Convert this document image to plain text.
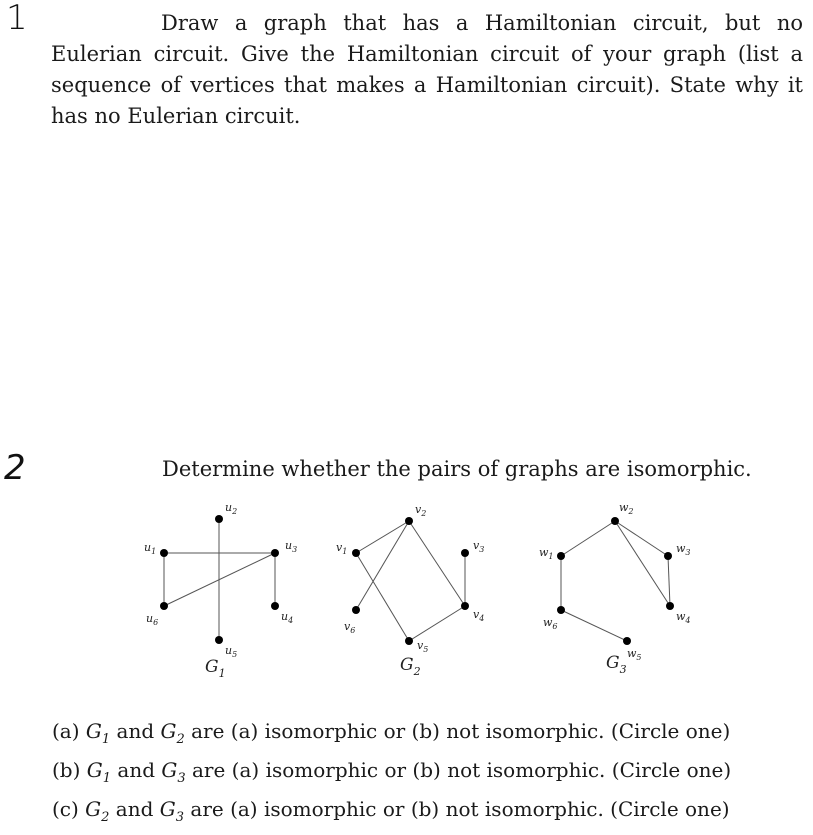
1	Draw a graph that has a Hamiltonian circuit, but no Eulerian circuit. Give the Hamiltonian circuit of your graph (list a sequence of vertices that makes a Hamiltonian circuit). State why it has no Eulerian circuit.
2	Determine whether the pairs of graphs are isomorphic.
$u_1$
$u_2$
$u_3$
$u_4$
$u_5$
$u_6$
$G_1$
$v_1$
$v_2$
$v_3$
$v_4$
$v_5$
$v_6$
$G_2$
$w_1$
$w_2$
$w_3$
$w_4$
$w_5$
$w_6$
$G_3$
(a) $G_1$ and $G_2$ are (a) isomorphic or (b) not isomorphic. (Circle one)
(b) $G_1$ and $G_3$ are (a) isomorphic or (b) not isomorphic. (Circle one)
(c) $G_2$ and $G_3$ are (a) isomorphic or (b) not isomorphic. (Circle one)
